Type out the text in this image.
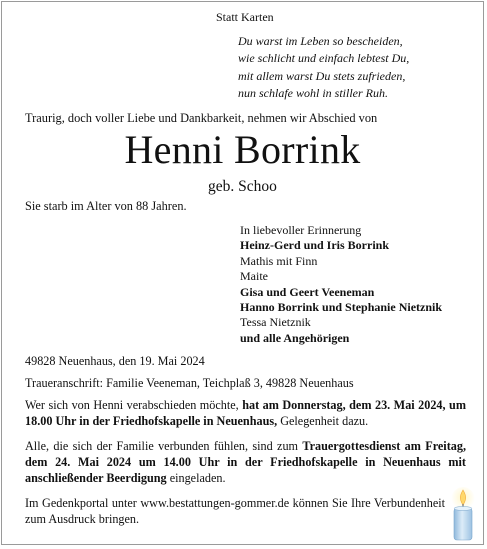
Statt Karten
Du warst im Leben so bescheiden,
wie schlicht und einfach lebtest Du,
mit allem warst Du stets zufrieden,
nun schlafe wohl in stiller Ruh.
Traurig, doch voller Liebe und Dankbarkeit, nehmen wir Abschied von
Henni Borrink
geb. Schoo
Sie starb im Alter von 88 Jahren.
In liebevoller Erinnerung
Heinz-Gerd und Iris Borrink
Mathis mit Finn
Maite
Gisa und Geert Veeneman
Hanno Borrink und Stephanie Nietznik
Tessa Nietznik
und alle Angehörigen
49828 Neuenhaus, den 19. Mai 2024
Traueranschrift: Familie Veeneman, Teichplaß 3, 49828 Neuenhaus
Wer sich von Henni verabschieden möchte, hat am Donnerstag, dem 23. Mai 2024, um 18.00 Uhr in der Friedhofskapelle in Neuenhaus, Gelegenheit dazu.
Alle, die sich der Familie verbunden fühlen, sind zum Trauergottesdienst am Freitag, dem 24. Mai 2024 um 14.00 Uhr in der Friedhofskapelle in Neuenhaus mit anschließender Beerdigung eingeladen.
Im Gedenkportal unter www.bestattungen-gommer.de können Sie Ihre Verbundenheit zum Ausdruck bringen.
